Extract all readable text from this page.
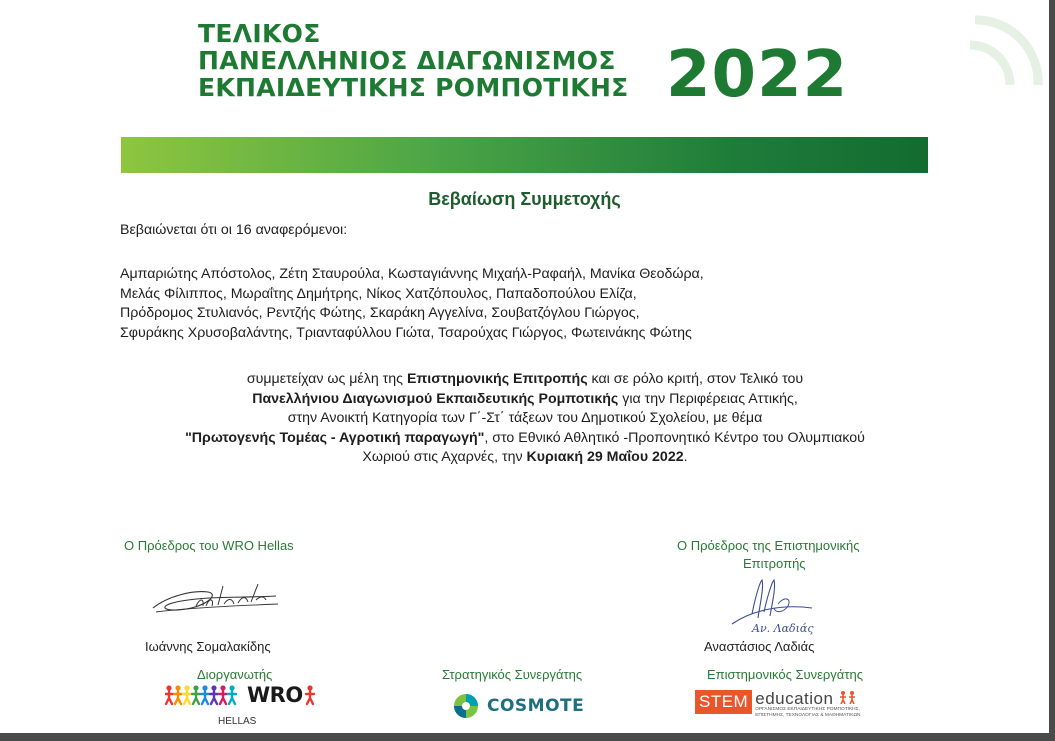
ΤΕΛΙΚΟΣ
ΠΑΝΕΛΛΗΝΙΟΣ ΔΙΑΓΩΝΙΣΜΟΣ
ΕΚΠΑΙΔΕΥΤΙΚΗΣ ΡΟΜΠΟΤΙΚΗΣ 2022
Βεβαίωση Συμμετοχής
Βεβαιώνεται ότι οι 16 αναφερόμενοι:
Αμπαριώτης Απόστολος, Ζέτη Σταυρούλα, Κωσταγιάννης Μιχαήλ-Ραφαήλ, Μανίκα Θεοδώρα,
Μελάς Φίλιππος, Μωραΐτης Δημήτρης, Νίκος Χατζόπουλος, Παπαδοπούλου Ελίζα,
Πρόδρομος Στυλιανός, Ρεντζής Φώτης, Σκαράκη Αγγελίνα, Σουβατζόγλου Γιώργος,
Σφυράκης Χρυσοβαλάντης, Τριανταφύλλου Γιώτα, Τσαρούχας Γιώργος, Φωτεινάκης Φώτης
συμμετείχαν ως μέλη της Επιστημονικής Επιτροπής και σε ρόλο κριτή, στον Τελικό του
Πανελλήνιου Διαγωνισμού Εκπαιδευτικής Ρομποτικής για την Περιφέρειας Αττικής,
στην Ανοικτή Κατηγορία των Γ΄-Στ΄ τάξεων του Δημοτικού Σχολείου, με θέμα
"Πρωτογενής Τομέας - Αγροτική παραγωγή", στο Εθνικό Αθλητικό -Προπονητικό Κέντρο του Ολυμπιακού
Χωριού στις Αχαρνές, την Κυριακή 29 Μαΐου 2022.
Ο Πρόεδρος του WRO Hellas
Ιωάννης Σομαλακίδης
Ο Πρόεδρος της Επιστημονικής
Επιτροπής
Αν. Λαδιάς
Αναστάσιος Λαδιάς
Διοργανωτής
WRO
HELLAS
Στρατηγικός Συνεργάτης
COSMOTE
Επιστημονικός Συνεργάτης
STEM education
ΟΡΓΑΝΙΣΜΟΣ ΕΚΠΑΙΔΕΥΤΙΚΗΣ ΡΟΜΠΟΤΙΚΗΣ,
ΕΠΙΣΤΗΜΗΣ, ΤΕΧΝΟΛΟΓΙΑΣ & ΜΑΘΗΜΑΤΙΚΩΝ
